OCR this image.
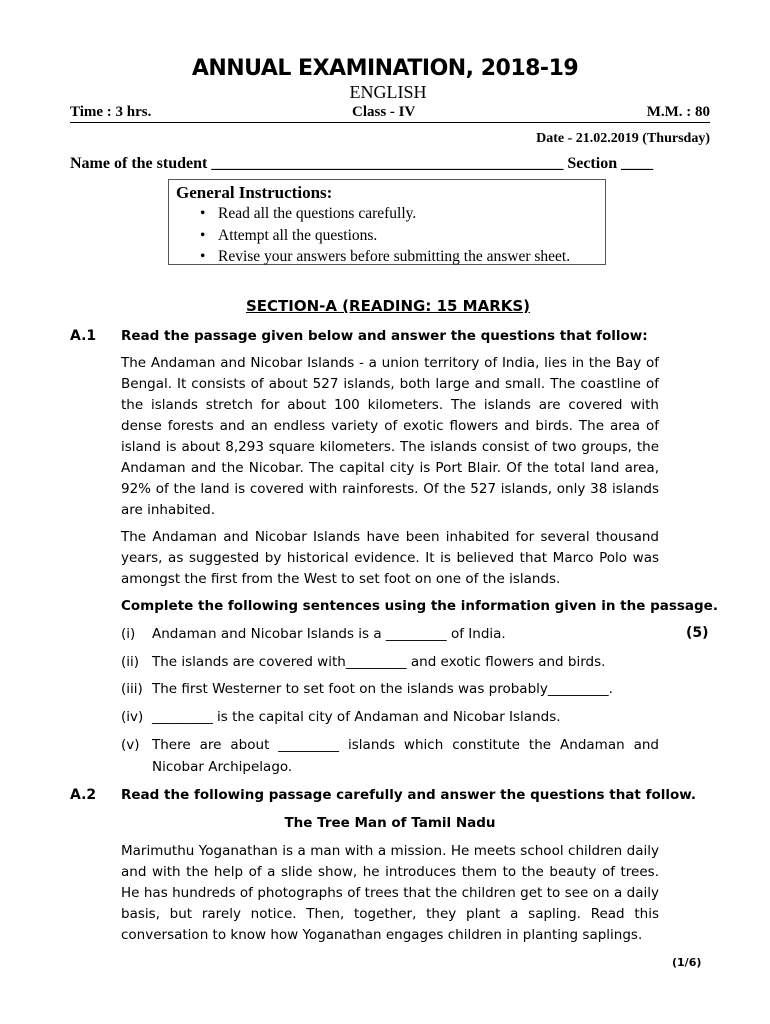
ANNUAL EXAMINATION, 2018-19
ENGLISH
Time : 3 hrs.	Class - IV	M.M. : 80
Date - 21.02.2019 (Thursday)
Name of the student ____________________________________________ Section ____
General Instructions:
• Read all the questions carefully.
• Attempt all the questions.
• Revise your answers before submitting the answer sheet.
SECTION-A (READING: 15 MARKS)
A.1 Read the passage given below and answer the questions that follow:
The Andaman and Nicobar Islands - a union territory of India, lies in the Bay of Bengal. It consists of about 527 islands, both large and small. The coastline of the islands stretch for about 100 kilometers. The islands are covered with dense forests and an endless variety of exotic flowers and birds. The area of island is about 8,293 square kilometers. The islands consist of two groups, the Andaman and the Nicobar. The capital city is Port Blair. Of the total land area, 92% of the land is covered with rainforests. Of the 527 islands, only 38 islands are inhabited.
The Andaman and Nicobar Islands have been inhabited for several thousand years, as suggested by historical evidence. It is believed that Marco Polo was amongst the first from the West to set foot on one of the islands.
Complete the following sentences using the information given in the passage.
(i) Andaman and Nicobar Islands is a _________ of India.	(5)
(ii) The islands are covered with_________ and exotic flowers and birds.
(iii) The first Westerner to set foot on the islands was probably_________.
(iv) _________ is the capital city of Andaman and Nicobar Islands.
(v) There are about _________ islands which constitute the Andaman and Nicobar Archipelago.
A.2 Read the following passage carefully and answer the questions that follow.
The Tree Man of Tamil Nadu
Marimuthu Yoganathan is a man with a mission. He meets school children daily and with the help of a slide show, he introduces them to the beauty of trees. He has hundreds of photographs of trees that the children get to see on a daily basis, but rarely notice. Then, together, they plant a sapling. Read this conversation to know how Yoganathan engages children in planting saplings.
(1/6)
